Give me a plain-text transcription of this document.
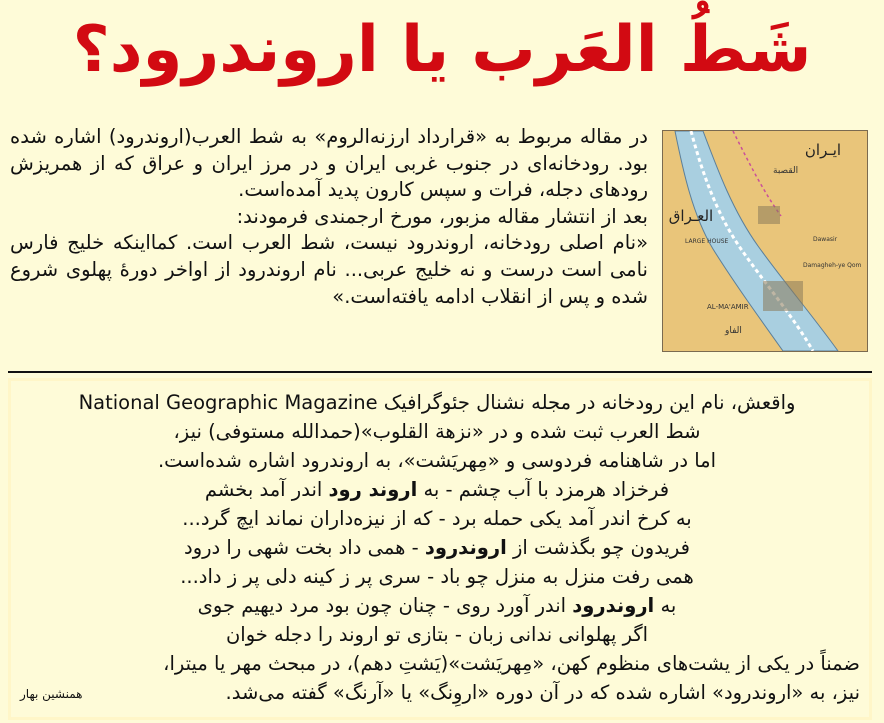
شَطُ العَرب یا اروندرود؟

در مقاله مربوط به «قرارداد ارزنه‌الروم» به شط العرب(اروندرود) اشاره شده بود. رودخانه‌ای در جنوب غربی ایران و در مرز ایران و عراق که از همریزش رودهای دجله، فرات و سپس کارون پدید آمده‌است.

بعد از انتشار مقاله مزبور، مورخ ارجمندی فرمودند:

«نام اصلی رودخانه، اروندرود نیست، شط العرب است. کمااینکه خلیج فارس نامی است درست و نه خلیج عربی... نام اروندرود از اواخر دورهٔ پهلوی شروع شده و پس از انقلاب ادامه یافته‌است.»

ایـران
القصبة
العـراق
LARGE HOUSE
AL-MA'AMIR
الفاو
Dawasir
Damagheh-ye Qom
واقعش، نام این رودخانه در مجله نشنال جئوگرافیک National Geographic Magazine
شط العرب ثبت شده و در «نزهة القلوب»(حمدالله مستوفی) نیز،
اما در شاهنامه فردوسی و «مِهریَشت»، به اروندرود اشاره شده‌است.
فرخزاد هرمزد با آب چشم - به اروند رود اندر آمد بخشم
به کرخ اندر آمد یکی حمله برد - که از نیزه‌داران نماند ایچ گرد...
فریدون چو بگذشت از اروندرود - همی داد بخت شهی را درود
همی رفت منزل به منزل چو باد - سری پر ز کینه دلی پر ز داد...
به اروندرود اندر آورد روی - چنان چون بود مرد دیهیم جوی
اگر پهلوانی ندانی زبان - بتازی تو اروند را دجله خوان
ضمناً در یکی از یشت‌های منظوم کهن، «مِهریَشت»(یَشتِ دهم)، در مبحث مهر یا میترا،
نیز، به «اروندرود» اشاره شده که در آن دوره «اروِنگ» یا «آرنگ» گفته می‌شد.
همنشین بهار
